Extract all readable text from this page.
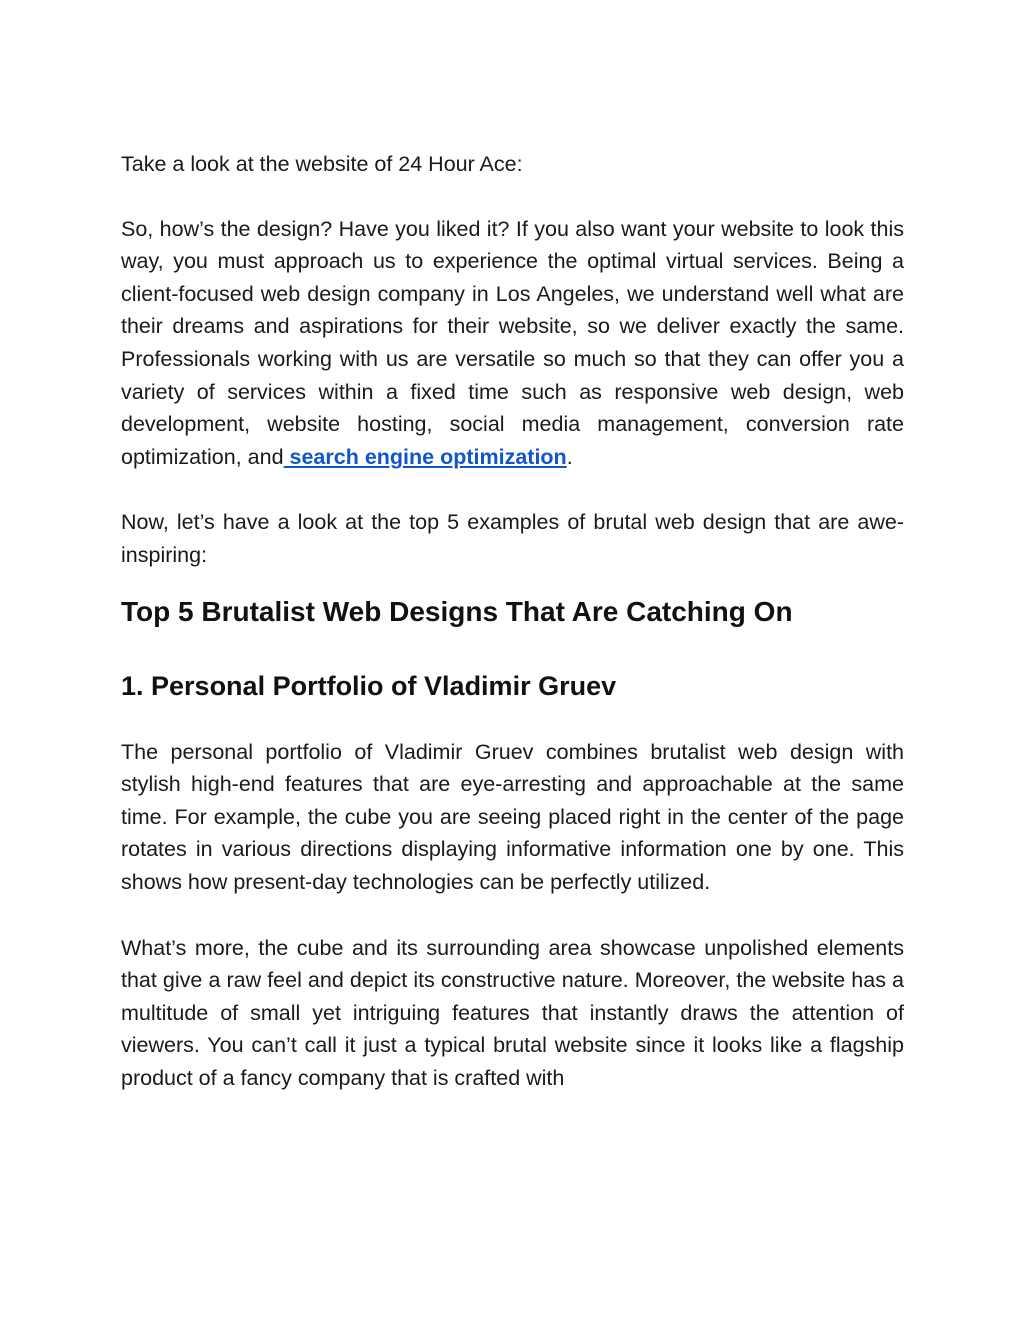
Take a look at the website of 24 Hour Ace:

So, how’s the design? Have you liked it? If you also want your website to look this way, you must approach us to experience the optimal virtual services. Being a client-focused web design company in Los Angeles, we understand well what are their dreams and aspirations for their website, so we deliver exactly the same. Professionals working with us are versatile so much so that they can offer you a variety of services within a fixed time such as responsive web design, web development, website hosting, social media management, conversion rate optimization, and search engine optimization.

Now, let’s have a look at the top 5 examples of brutal web design that are awe-inspiring:

Top 5 Brutalist Web Designs That Are Catching On
1. Personal Portfolio of Vladimir Gruev

The personal portfolio of Vladimir Gruev combines brutalist web design with stylish high-end features that are eye-arresting and approachable at the same time. For example, the cube you are seeing placed right in the center of the page rotates in various directions displaying informative information one by one. This shows how present-day technologies can be perfectly utilized.

What’s more, the cube and its surrounding area showcase unpolished elements that give a raw feel and depict its constructive nature. Moreover, the website has a multitude of small yet intriguing features that instantly draws the attention of viewers. You can’t call it just a typical brutal website since it looks like a flagship product of a fancy company that is crafted with
